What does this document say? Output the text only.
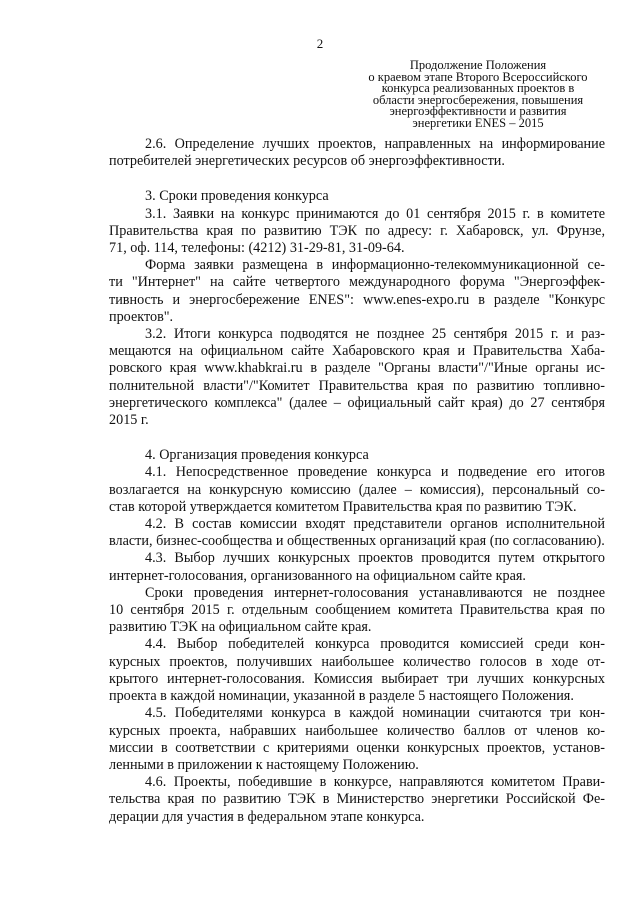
2
Продолжение Положения
о краевом этапе Второго Всероссийского
конкурса реализованных проектов в
области энергосбережения, повышения
энергоэффективности и развития
энергетики ENES – 2015
2.6. Определение лучших проектов, направленных на информирование
потребителей энергетических ресурсов об энергоэффективности.
3. Сроки проведения конкурса
3.1. Заявки на конкурс принимаются до 01 сентября 2015 г. в комитете
Правительства края по развитию ТЭК по адресу: г. Хабаровск, ул. Фрунзе,
71, оф. 114, телефоны: (4212) 31-29-81, 31-09-64.
Форма заявки размещена в информационно-телекоммуникационной се-
ти "Интернет" на сайте четвертого международного форума "Энергоэффек-
тивность и энергосбережение ENES": www.enes-expo.ru в разделе "Конкурс
проектов".
3.2. Итоги конкурса подводятся не позднее 25 сентября 2015 г. и раз-
мещаются на официальном сайте Хабаровского края и Правительства Хаба-
ровского края www.khabkrai.ru в разделе "Органы власти"/"Иные органы ис-
полнительной власти"/"Комитет Правительства края по развитию топливно-
энергетического комплекса" (далее – официальный сайт края) до 27 сентября
2015 г.
4. Организация проведения конкурса
4.1. Непосредственное проведение конкурса и подведение его итогов
возлагается на конкурсную комиссию (далее – комиссия), персональный со-
став которой утверждается комитетом Правительства края по развитию ТЭК.
4.2. В состав комиссии входят представители органов исполнительной
власти, бизнес-сообщества и общественных организаций края (по согласованию).
4.3. Выбор лучших конкурсных проектов проводится путем открытого
интернет-голосования, организованного на официальном сайте края.
Сроки проведения интернет-голосования устанавливаются не позднее
10 сентября 2015 г. отдельным сообщением комитета Правительства края по
развитию ТЭК на официальном сайте края.
4.4. Выбор победителей конкурса проводится комиссией среди кон-
курсных проектов, получивших наибольшее количество голосов в ходе от-
крытого интернет-голосования. Комиссия выбирает три лучших конкурсных
проекта в каждой номинации, указанной в разделе 5 настоящего Положения.
4.5. Победителями конкурса в каждой номинации считаются три кон-
курсных проекта, набравших наибольшее количество баллов от членов ко-
миссии в соответствии с критериями оценки конкурсных проектов, установ-
ленными в приложении к настоящему Положению.
4.6. Проекты, победившие в конкурсе, направляются комитетом Прави-
тельства края по развитию ТЭК в Министерство энергетики Российской Фе-
дерации для участия в федеральном этапе конкурса.
